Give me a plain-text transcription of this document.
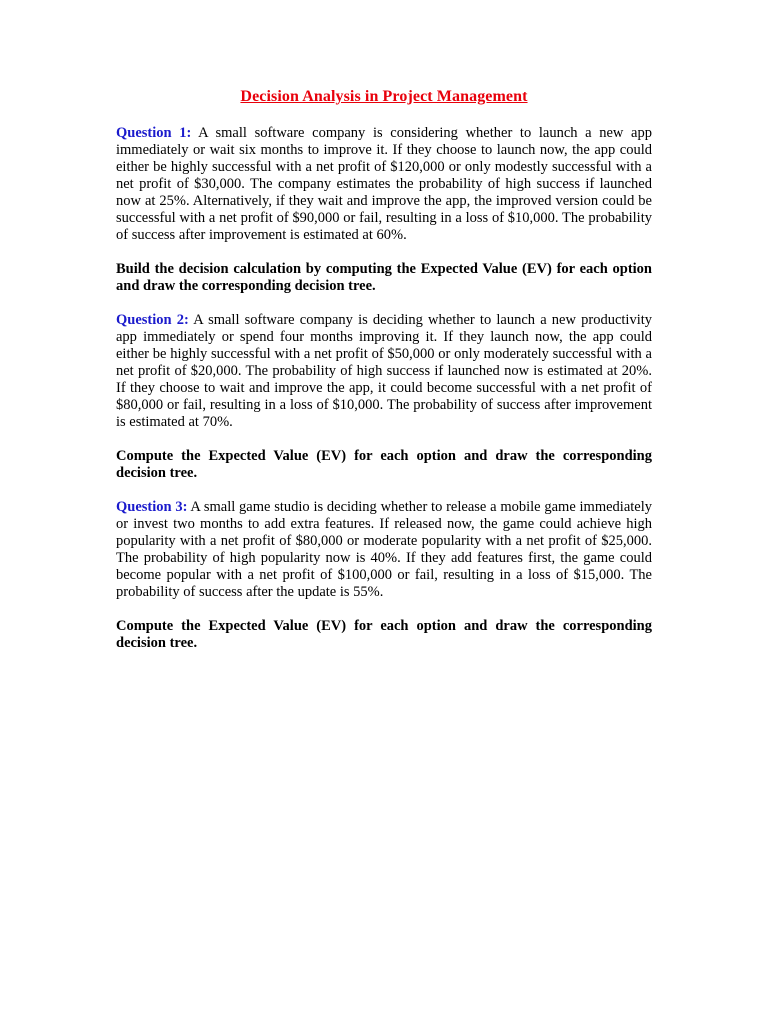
Decision Analysis in Project Management
Question 1: A small software company is considering whether to launch a new app immediately or wait six months to improve it. If they choose to launch now, the app could either be highly successful with a net profit of $120,000 or only modestly successful with a net profit of $30,000. The company estimates the probability of high success if launched now at 25%. Alternatively, if they wait and improve the app, the improved version could be successful with a net profit of $90,000 or fail, resulting in a loss of $10,000. The probability of success after improvement is estimated at 60%.
Build the decision calculation by computing the Expected Value (EV) for each option and draw the corresponding decision tree.
Question 2: A small software company is deciding whether to launch a new productivity app immediately or spend four months improving it. If they launch now, the app could either be highly successful with a net profit of $50,000 or only moderately successful with a net profit of $20,000. The probability of high success if launched now is estimated at 20%. If they choose to wait and improve the app, it could become successful with a net profit of $80,000 or fail, resulting in a loss of $10,000. The probability of success after improvement is estimated at 70%.
Compute the Expected Value (EV) for each option and draw the corresponding decision tree.
Question 3: A small game studio is deciding whether to release a mobile game immediately or invest two months to add extra features. If released now, the game could achieve high popularity with a net profit of $80,000 or moderate popularity with a net profit of $25,000. The probability of high popularity now is 40%. If they add features first, the game could become popular with a net profit of $100,000 or fail, resulting in a loss of $15,000. The probability of success after the update is 55%.
Compute the Expected Value (EV) for each option and draw the corresponding decision tree.
